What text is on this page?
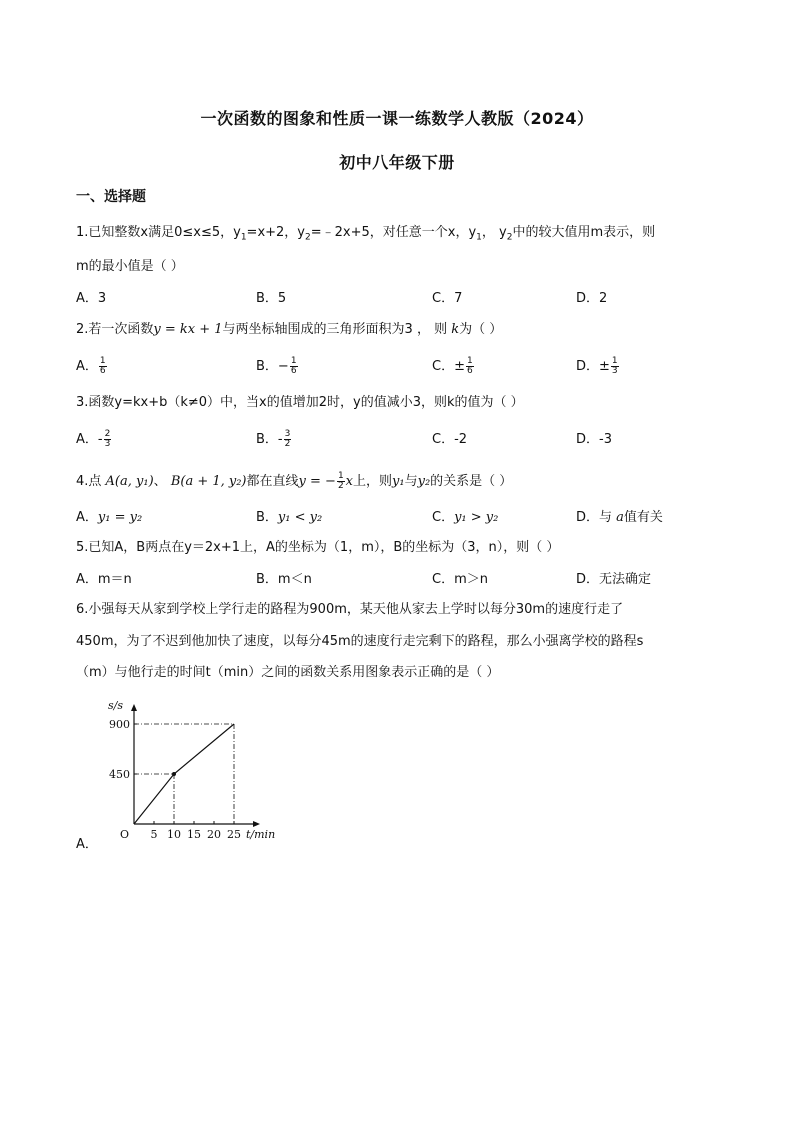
一次函数的图象和性质一课一练数学人教版（2024）
初中八年级下册
一、选择题
1.已知整数x满足0≤x≤5，$y_1=x+2$，$y_2=﹣2x+5$，对任意一个x，$y_1$， $y_2$中的较大值用m表示，则
m的最小值是（ ）
A．3	B．5	C．7	D．2
2.若一次函数y = kx + 1与两坐标轴围成的三角形面积为3 ， 则 k为（ ）
A． $\frac{1}{6}$	B．− $\frac{1}{6}$	C．± $\frac{1}{6}$	D．± $\frac{1}{3}$
3.函数y=kx+b（k≠0）中，当x的值增加2时，y的值减小3，则k的值为（ ）
A．- $\frac{2}{3}$	B．- $\frac{3}{2}$	C．-2	D．-3
4.点 A(a, y₁)、 B(a + 1, y₂)都在直线y = − $\frac{1}{2}$ x上，则y₁与y₂的关系是（ ）
A．y₁ = y₂	B．y₁ < y₂	C．y₁ > y₂	D．与 a值有关
5.已知A，B两点在y＝2x+1上，A的坐标为（1，m），B的坐标为（3，n），则（ ）
A．m＝n	B．m＜n	C．m＞n	D．无法确定
6.小强每天从家到学校上学行走的路程为900m，某天他从家去上学时以每分30m的速度行走了
450m，为了不迟到他加快了速度，以每分45m的速度行走完剩下的路程，那么小强离学校的路程s
（m）与他行走的时间t（min）之间的函数关系用图象表示正确的是（ ）
s/s
t/min
O 5 10 15 20 25
450
900
A．
